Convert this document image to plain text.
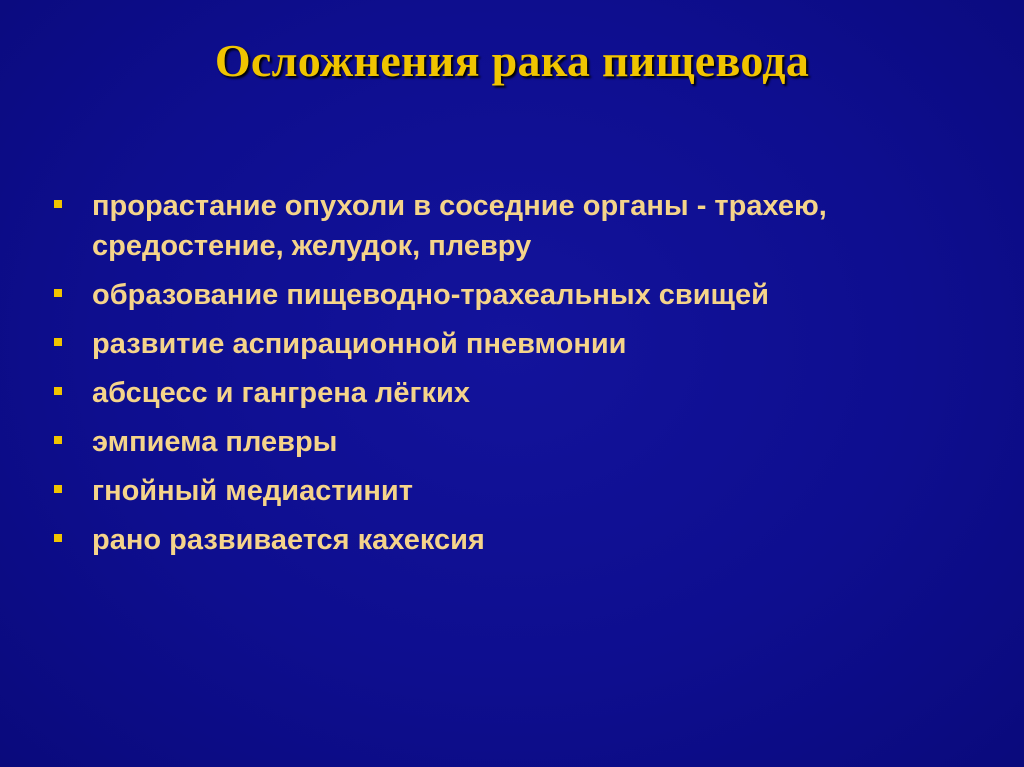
Осложнения рака пищевода
прорастание опухоли в соседние органы - трахею, средостение, желудок, плевру
образование пищеводно-трахеальных свищей
развитие аспирационной пневмонии
абсцесс и гангрена лёгких
эмпиема плевры
гнойный медиастинит
рано развивается кахексия
